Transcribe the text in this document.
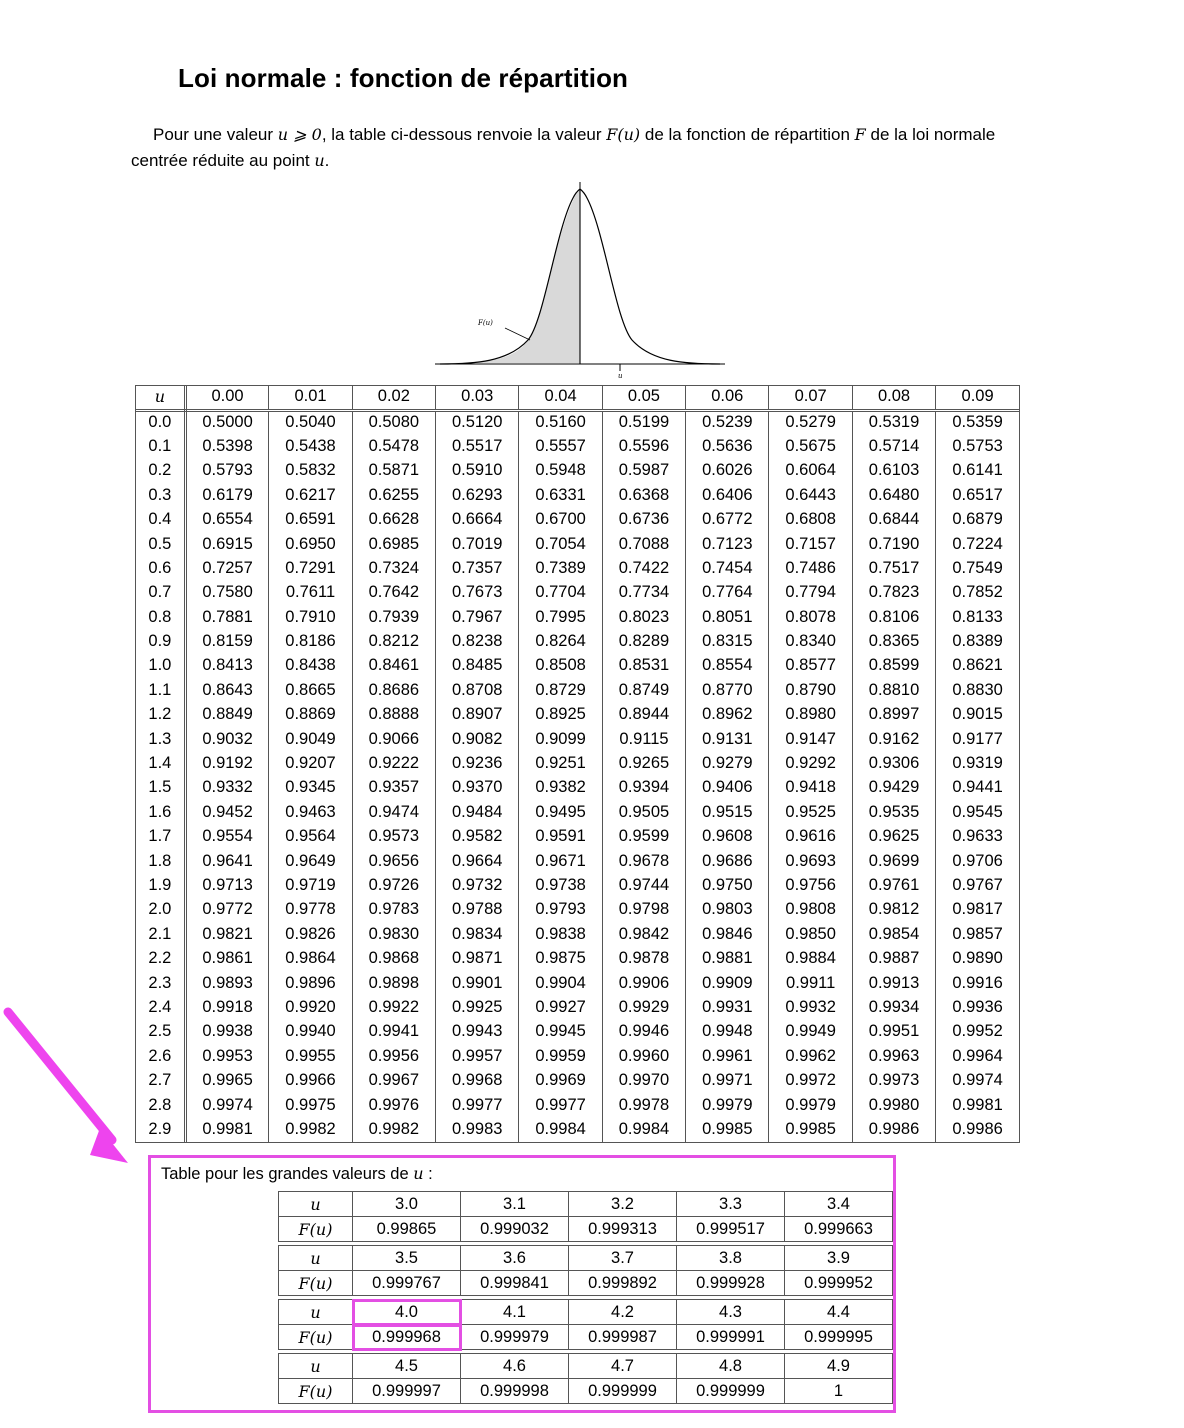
Loi normale : fonction de répartition
Pour une valeur u ⩾ 0, la table ci-dessous renvoie la valeur F(u) de la fonction de répartition F de la loi normale centrée réduite au point u.
F(u)
u
u	0.00	0.01	0.02	0.03	0.04	0.05	0.06	0.07	0.08	0.09
0.0	0.5000	0.5040	0.5080	0.5120	0.5160	0.5199	0.5239	0.5279	0.5319	0.5359
0.1	0.5398	0.5438	0.5478	0.5517	0.5557	0.5596	0.5636	0.5675	0.5714	0.5753
0.2	0.5793	0.5832	0.5871	0.5910	0.5948	0.5987	0.6026	0.6064	0.6103	0.6141
0.3	0.6179	0.6217	0.6255	0.6293	0.6331	0.6368	0.6406	0.6443	0.6480	0.6517
0.4	0.6554	0.6591	0.6628	0.6664	0.6700	0.6736	0.6772	0.6808	0.6844	0.6879
0.5	0.6915	0.6950	0.6985	0.7019	0.7054	0.7088	0.7123	0.7157	0.7190	0.7224
0.6	0.7257	0.7291	0.7324	0.7357	0.7389	0.7422	0.7454	0.7486	0.7517	0.7549
0.7	0.7580	0.7611	0.7642	0.7673	0.7704	0.7734	0.7764	0.7794	0.7823	0.7852
0.8	0.7881	0.7910	0.7939	0.7967	0.7995	0.8023	0.8051	0.8078	0.8106	0.8133
0.9	0.8159	0.8186	0.8212	0.8238	0.8264	0.8289	0.8315	0.8340	0.8365	0.8389
1.0	0.8413	0.8438	0.8461	0.8485	0.8508	0.8531	0.8554	0.8577	0.8599	0.8621
1.1	0.8643	0.8665	0.8686	0.8708	0.8729	0.8749	0.8770	0.8790	0.8810	0.8830
1.2	0.8849	0.8869	0.8888	0.8907	0.8925	0.8944	0.8962	0.8980	0.8997	0.9015
1.3	0.9032	0.9049	0.9066	0.9082	0.9099	0.9115	0.9131	0.9147	0.9162	0.9177
1.4	0.9192	0.9207	0.9222	0.9236	0.9251	0.9265	0.9279	0.9292	0.9306	0.9319
1.5	0.9332	0.9345	0.9357	0.9370	0.9382	0.9394	0.9406	0.9418	0.9429	0.9441
1.6	0.9452	0.9463	0.9474	0.9484	0.9495	0.9505	0.9515	0.9525	0.9535	0.9545
1.7	0.9554	0.9564	0.9573	0.9582	0.9591	0.9599	0.9608	0.9616	0.9625	0.9633
1.8	0.9641	0.9649	0.9656	0.9664	0.9671	0.9678	0.9686	0.9693	0.9699	0.9706
1.9	0.9713	0.9719	0.9726	0.9732	0.9738	0.9744	0.9750	0.9756	0.9761	0.9767
2.0	0.9772	0.9778	0.9783	0.9788	0.9793	0.9798	0.9803	0.9808	0.9812	0.9817
2.1	0.9821	0.9826	0.9830	0.9834	0.9838	0.9842	0.9846	0.9850	0.9854	0.9857
2.2	0.9861	0.9864	0.9868	0.9871	0.9875	0.9878	0.9881	0.9884	0.9887	0.9890
2.3	0.9893	0.9896	0.9898	0.9901	0.9904	0.9906	0.9909	0.9911	0.9913	0.9916
2.4	0.9918	0.9920	0.9922	0.9925	0.9927	0.9929	0.9931	0.9932	0.9934	0.9936
2.5	0.9938	0.9940	0.9941	0.9943	0.9945	0.9946	0.9948	0.9949	0.9951	0.9952
2.6	0.9953	0.9955	0.9956	0.9957	0.9959	0.9960	0.9961	0.9962	0.9963	0.9964
2.7	0.9965	0.9966	0.9967	0.9968	0.9969	0.9970	0.9971	0.9972	0.9973	0.9974
2.8	0.9974	0.9975	0.9976	0.9977	0.9977	0.9978	0.9979	0.9979	0.9980	0.9981
2.9	0.9981	0.9982	0.9982	0.9983	0.9984	0.9984	0.9985	0.9985	0.9986	0.9986
Table pour les grandes valeurs de u :
u	3.0	3.1	3.2	3.3	3.4
F(u)	0.99865	0.999032	0.999313	0.999517	0.999663

u	3.5	3.6	3.7	3.8	3.9
F(u)	0.999767	0.999841	0.999892	0.999928	0.999952

u	4.0	4.1	4.2	4.3	4.4
F(u)	0.999968	0.999979	0.999987	0.999991	0.999995

u	4.5	4.6	4.7	4.8	4.9
F(u)	0.999997	0.999998	0.999999	0.999999	1
